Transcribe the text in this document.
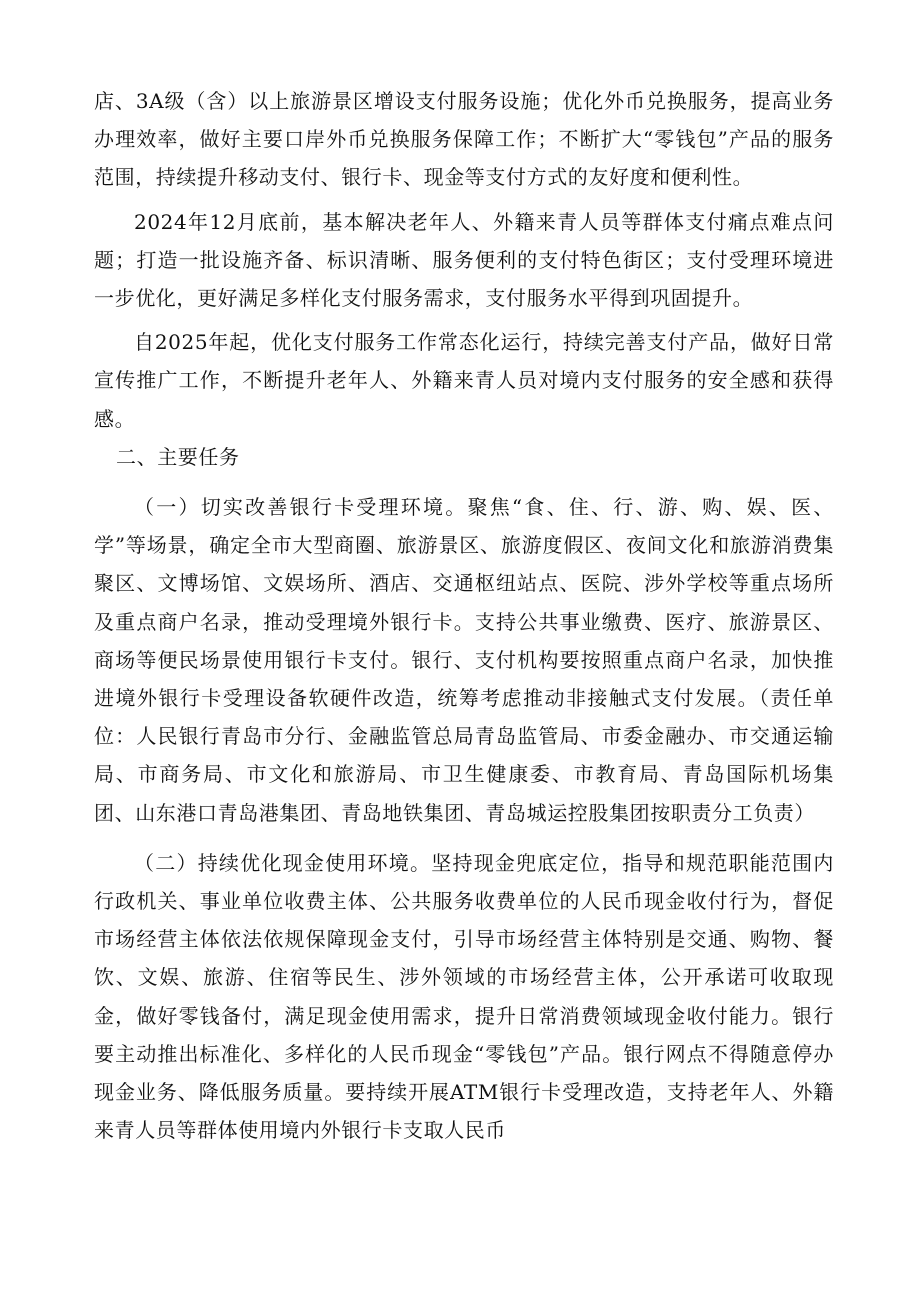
店、3A级（含）以上旅游景区增设支付服务设施；优化外币兑换服务，提高业务办理效率，做好主要口岸外币兑换服务保障工作；不断扩大“零钱包”产品的服务范围，持续提升移动支付、银行卡、现金等支付方式的友好度和便利性。

2024年12月底前，基本解决老年人、外籍来青人员等群体支付痛点难点问题；打造一批设施齐备、标识清晰、服务便利的支付特色街区；支付受理环境进一步优化，更好满足多样化支付服务需求，支付服务水平得到巩固提升。

自2025年起，优化支付服务工作常态化运行，持续完善支付产品，做好日常宣传推广工作，不断提升老年人、外籍来青人员对境内支付服务的安全感和获得感。

二、主要任务

（一）切实改善银行卡受理环境。聚焦“食、住、行、游、购、娱、医、学”等场景，确定全市大型商圈、旅游景区、旅游度假区、夜间文化和旅游消费集聚区、文博场馆、文娱场所、酒店、交通枢纽站点、医院、涉外学校等重点场所及重点商户名录，推动受理境外银行卡。支持公共事业缴费、医疗、旅游景区、商场等便民场景使用银行卡支付。银行、支付机构要按照重点商户名录，加快推进境外银行卡受理设备软硬件改造，统筹考虑推动非接触式支付发展。（责任单位：人民银行青岛市分行、金融监管总局青岛监管局、市委金融办、市交通运输局、市商务局、市文化和旅游局、市卫生健康委、市教育局、青岛国际机场集团、山东港口青岛港集团、青岛地铁集团、青岛城运控股集团按职责分工负责）

（二）持续优化现金使用环境。坚持现金兜底定位，指导和规范职能范围内行政机关、事业单位收费主体、公共服务收费单位的人民币现金收付行为，督促市场经营主体依法依规保障现金支付，引导市场经营主体特别是交通、购物、餐饮、文娱、旅游、住宿等民生、涉外领域的市场经营主体，公开承诺可收取现金，做好零钱备付，满足现金使用需求，提升日常消费领域现金收付能力。银行要主动推出标准化、多样化的人民币现金“零钱包”产品。银行网点不得随意停办现金业务、降低服务质量。要持续开展ATM银行卡受理改造，支持老年人、外籍来青人员等群体使用境内外银行卡支取人民币
